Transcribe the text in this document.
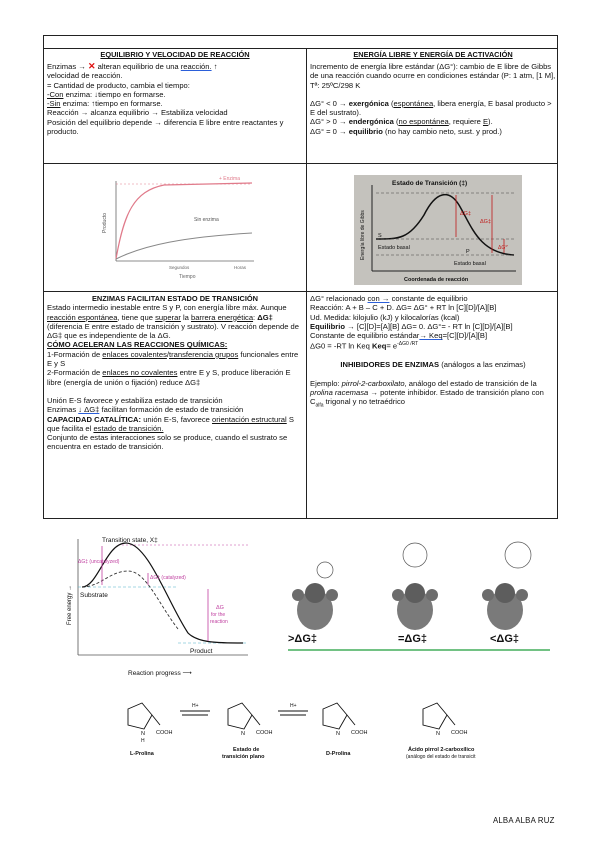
EQUILIBRIO Y VELOCIDAD DE REACCIÓN	ENERGÍA LIBRE Y ENERGÍA DE ACTIVACIÓN
Enzimas → ✕ alteran equilibrio de una reacción. ↑
velocidad de reacción.
= Cantidad de producto, cambia el tiempo:
-Con enzima: ↓tiempo en formarse.
-Sin enzima: ↑tiempo en formarse.
Reacción → alcanza equilibrio → Estabiliza velocidad
Posición del equilibrio depende → diferencia E libre entre reactantes y producto.
Incremento de energía libre estándar (ΔG°): cambio de E libre de Gibbs de una reacción cuando ocurre en condiciones estándar (P: 1 atm, [1 M], Tª: 25ºC/298 K
ΔG° < 0 → exergónica (espontánea, libera energía, E basal producto > E del sustrato).
ΔG° > 0 → endergónica (no espontánea, requiere E).
ΔG° = 0 → equilibrio (no hay cambio neto, sust. y prod.)
+ Enzima
Sin enzima
Producto
Segundos	Horas
Tiempo
Estado de Transición (‡)
Energía libre de Gibbs
Coordenada de reacción
ΔG‡
ΔG‡
ΔG°'
S
P
Estado basal
Estado basal
ENZIMAS FACILITAN ESTADO DE TRANSICIÓN
Estado intermedio inestable entre S y P, con energía libre máx. Aunque reacción espontánea, tiene que superar la barrera energética: ΔG‡ (diferencia E entre estado de transición y sustrato). V reacción depende de ΔG‡ que es independiente de la ΔG.
CÓMO ACELERAN LAS REACCIONES QUÍMICAS:
1-Formación de enlaces covalentes/transferencia grupos funcionales entre E y S
2-Formación de enlaces no covalentes entre E y S, produce liberación E libre (energía de unión o fijación) reduce ΔG‡
Unión E-S favorece y estabiliza estado de transición
Enzimas ↓ ΔG‡ facilitan formación de estado de transición
CAPACIDAD CATALÍTICA: unión E-S, favorece orientación estructural S que facilita el estado de transición.
Conjunto de estas interacciones solo se produce, cuando el sustrato se encuentra en estado de transición.
ΔG° relacionado con → constante de equilibrio
Reacción: A + B – C + D. ΔG= ΔG° + RT ln [C][D]/[A][B]
Ud. Medida: kilojulio (kJ) y kilocalorías (kcal)
Equilibrio → [C][D]=[A][B] ΔG= 0. ΔG°= - RT ln [C][D]/[A][B]
Constante de equilibrio estándar→ Keq=[C][D]/[A][B]
ΔG0 = -RT ln Keq $Keq= e^{-\Delta G0 /RT}$
INHIBIDORES DE ENZIMAS (análogos a las enzimas)
Ejemplo: pirrol-2-carboxilato, análogo del estado de transición de la prolina racemasa → potente inhibidor. Estado de transición plano con $C_{alfa}$ trigonal y no tetraédrico
Transition state, X‡
ΔG‡ (uncatalyzed)
ΔG‡ (catalyzed)
Substrate
ΔG
for the
reaction
Product
Free energy →
Reaction progress ⟶
>ΔG‡	=ΔG‡	<ΔG‡
H+	H+
COOH	COOH	COOH	COOH
N	N	N	N
H
L-Prolina
Estado de
transición plano	D-Prolina
Ácido pirrol 2-carboxílico
(análogo del estado de transicit
ALBA ALBA RUZ
